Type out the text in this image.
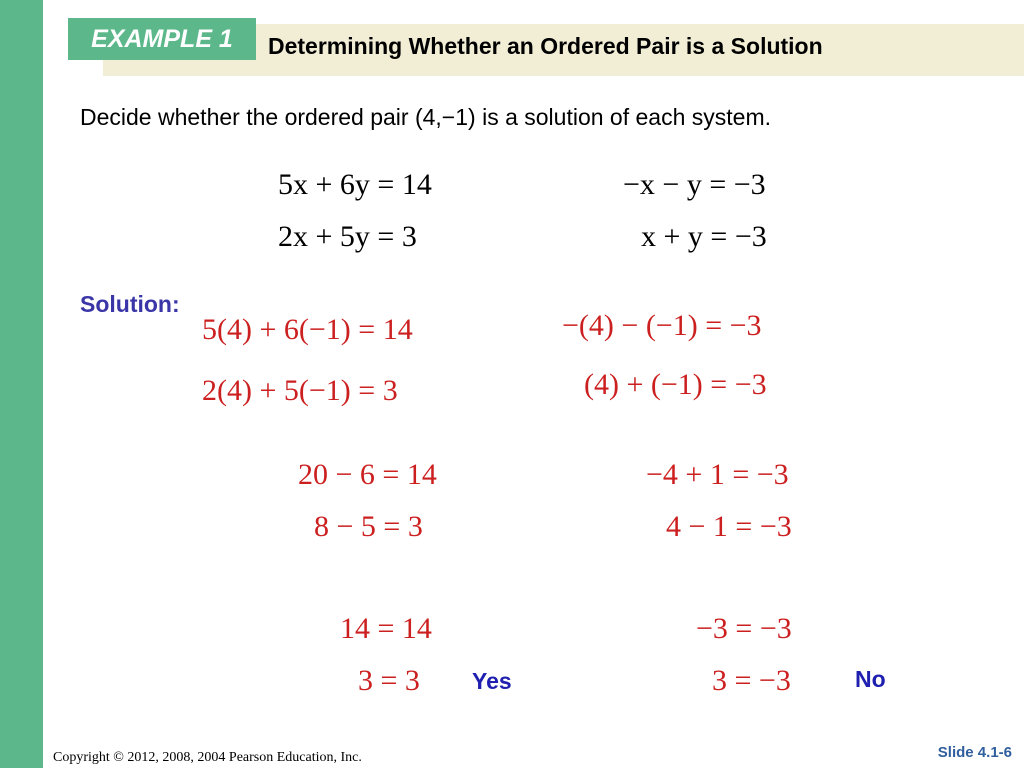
EXAMPLE 1	Determining Whether an Ordered Pair is a Solution
Decide whether the ordered pair (4,−1) is a solution of each system.
5x + 6y = 14
2x + 5y = 3
−x − y = −3
x + y = −3
Solution:
5(4) + 6(−1) = 14
2(4) + 5(−1) = 3
20 − 6 = 14
8 − 5 = 3
14 = 14
3 = 3 Yes
−(4) − (−1) = −3
(4) + (−1) = −3
−4 + 1 = −3
4 − 1 = −3
−3 = −3
3 = −3	No
Copyright © 2012, 2008, 2004 Pearson Education, Inc.	Slide 4.1-6
